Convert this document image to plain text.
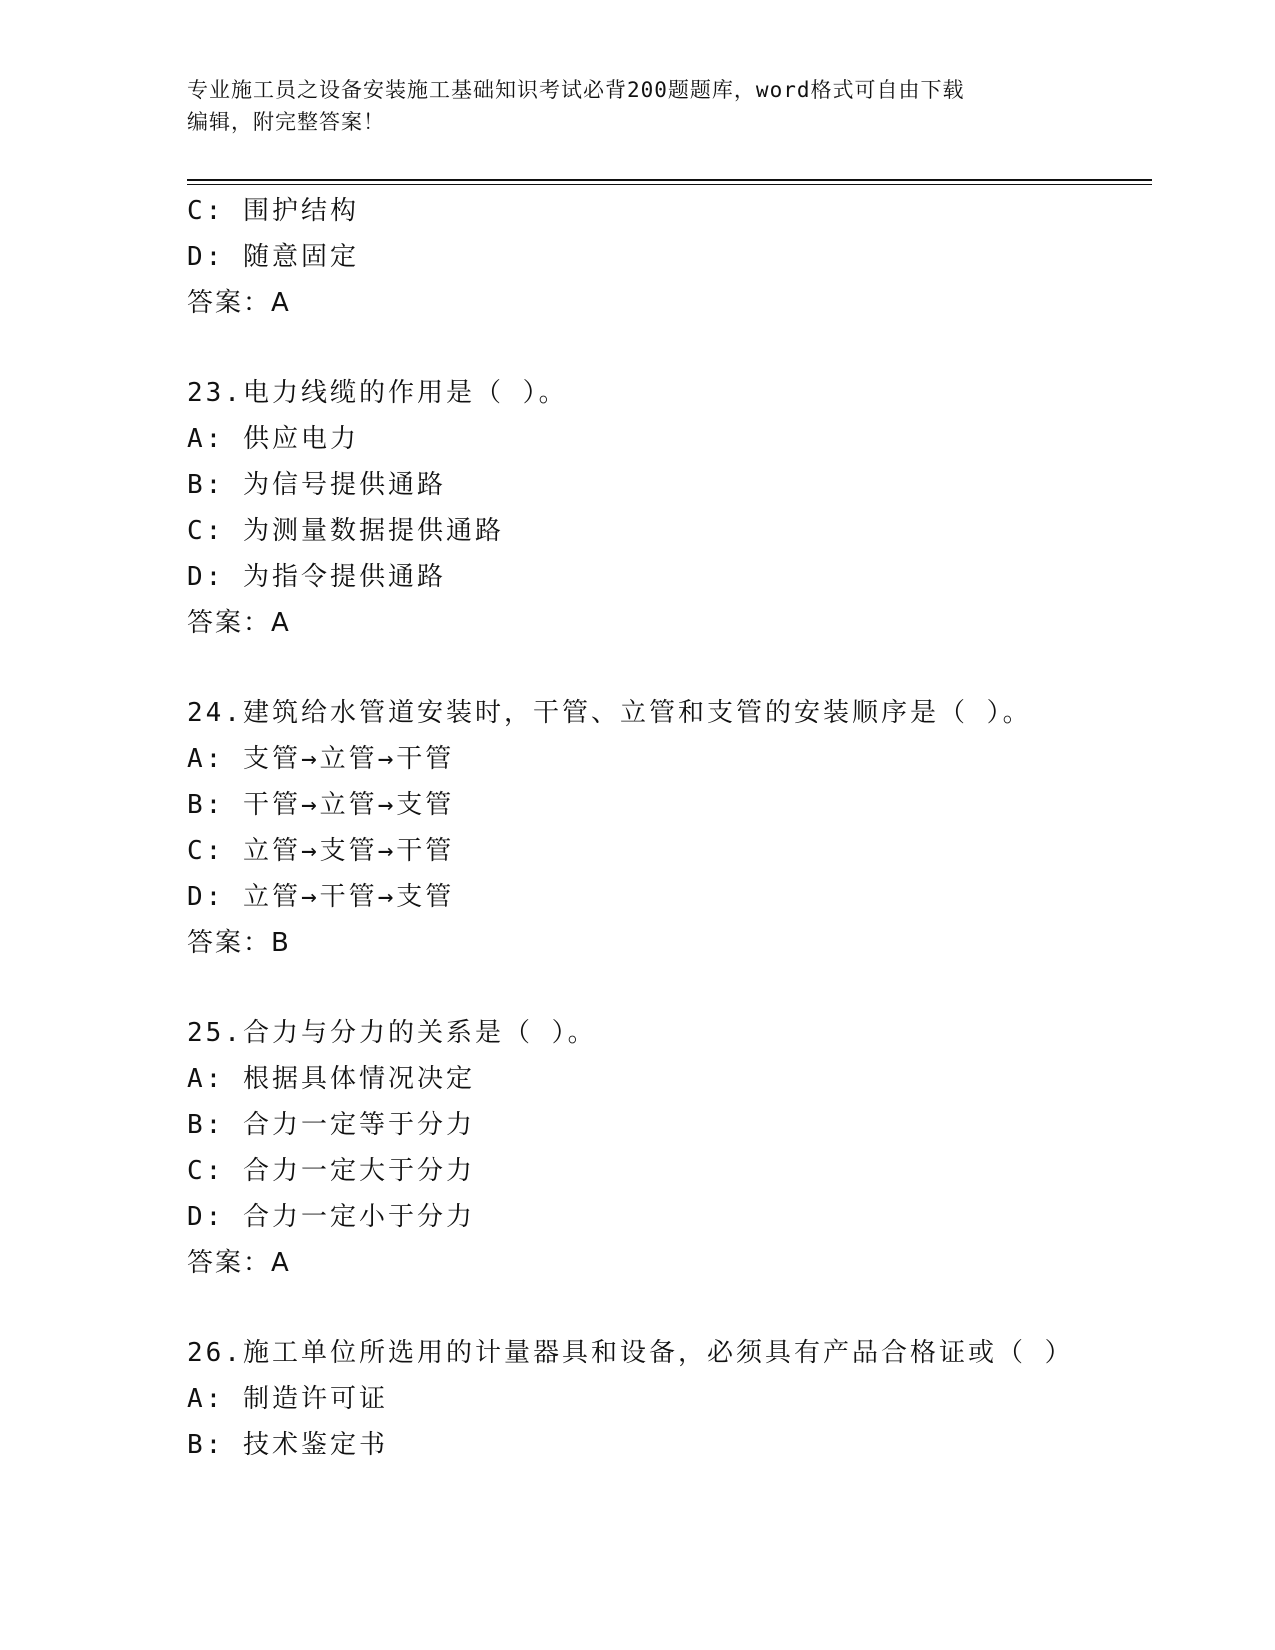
专业施工员之设备安装施工基础知识考试必背200题题库，word格式可自由下载
编辑，附完整答案！
C: 围护结构
D: 随意固定
答案：A
23.电力线缆的作用是（ ）。
A: 供应电力
B: 为信号提供通路
C: 为测量数据提供通路
D: 为指令提供通路
答案：A
24.建筑给水管道安装时，干管、立管和支管的安装顺序是（ ）。
A: 支管→立管→干管
B: 干管→立管→支管
C: 立管→支管→干管
D: 立管→干管→支管
答案：B
25.合力与分力的关系是（ ）。
A: 根据具体情况决定
B: 合力一定等于分力
C: 合力一定大于分力
D: 合力一定小于分力
答案：A
26.施工单位所选用的计量器具和设备，必须具有产品合格证或（ ）
A: 制造许可证
B: 技术鉴定书
